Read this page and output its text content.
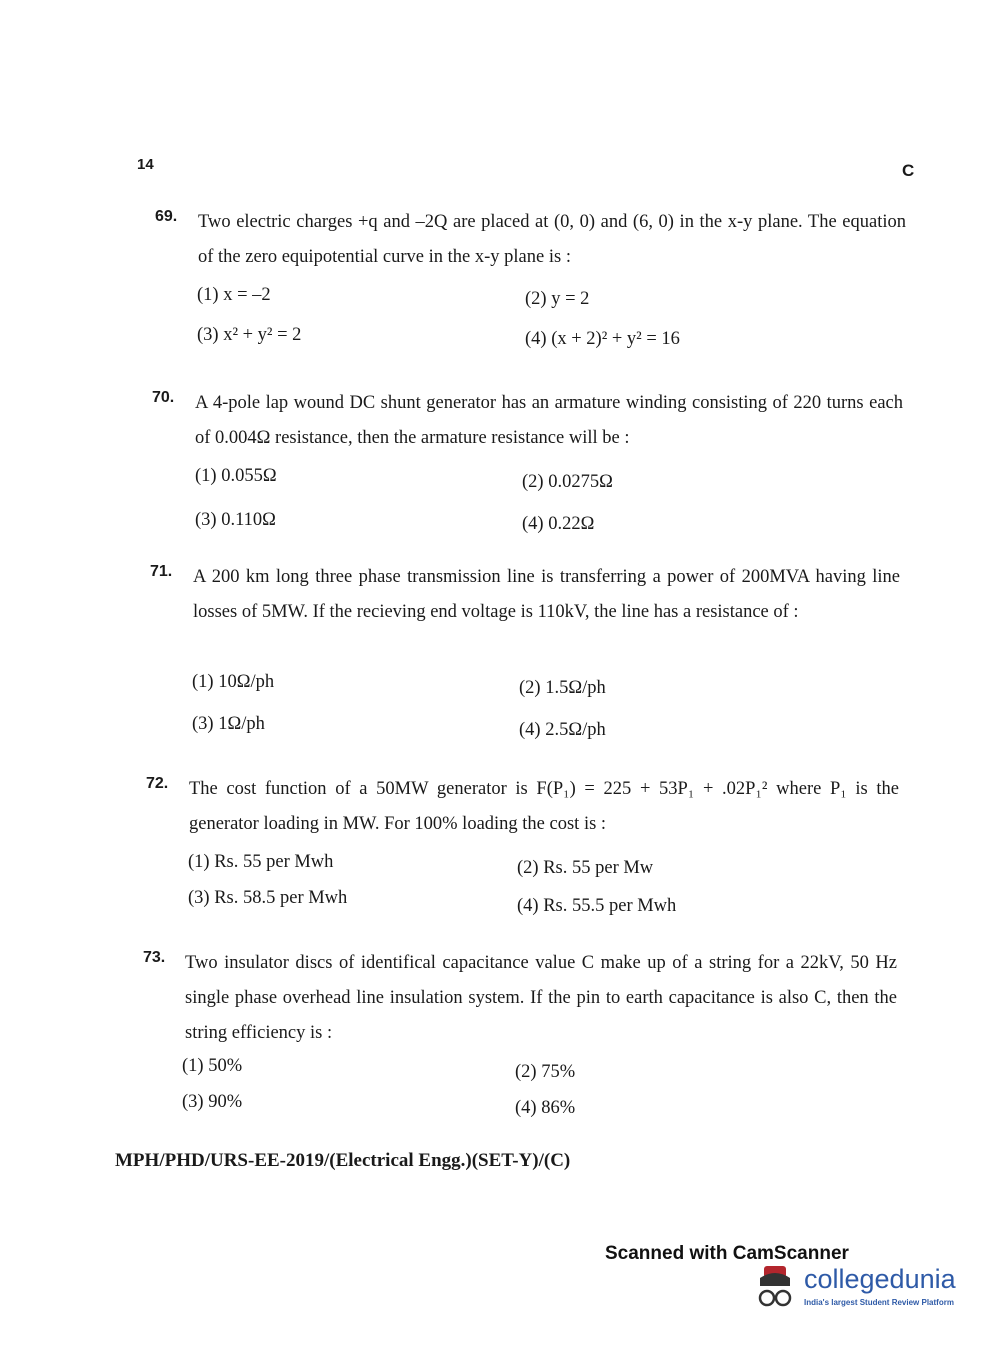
14	C
69. Two electric charges +q and –2Q are placed at (0, 0) and (6, 0) in the x-y plane. The equation of the zero equipotential curve in the x-y plane is :
(1) x = –2	(2) y = 2
(3) x² + y² = 2	(4) (x + 2)² + y² = 16
70. A 4-pole lap wound DC shunt generator has an armature winding consisting of 220 turns each of 0.004Ω resistance, then the armature resistance will be :
(1) 0.055Ω	(2) 0.0275Ω
(3) 0.110Ω	(4) 0.22Ω
71. A 200 km long three phase transmission line is transferring a power of 200MVA having line losses of 5MW. If the recieving end voltage is 110kV, the line has a resistance of :
(1) 10Ω/ph	(2) 1.5Ω/ph
(3) 1Ω/ph	(4) 2.5Ω/ph
72. The cost function of a 50MW generator is F(P₁) = 225 + 53P₁ + .02P₁² where P₁ is the generator loading in MW. For 100% loading the cost is :
(1) Rs. 55 per Mwh	(2) Rs. 55 per Mw
(3) Rs. 58.5 per Mwh	(4) Rs. 55.5 per Mwh
73. Two insulator discs of identifical capacitance value C make up of a string for a 22kV, 50 Hz single phase overhead line insulation system. If the pin to earth capacitance is also C, then the string efficiency is :
(1) 50%	(2) 75%
(3) 90%	(4) 86%
MPH/PHD/URS-EE-2019/(Electrical Engg.)(SET-Y)/(C)
Scanned with CamScanner
collegedunia
India's largest Student Review Platform
